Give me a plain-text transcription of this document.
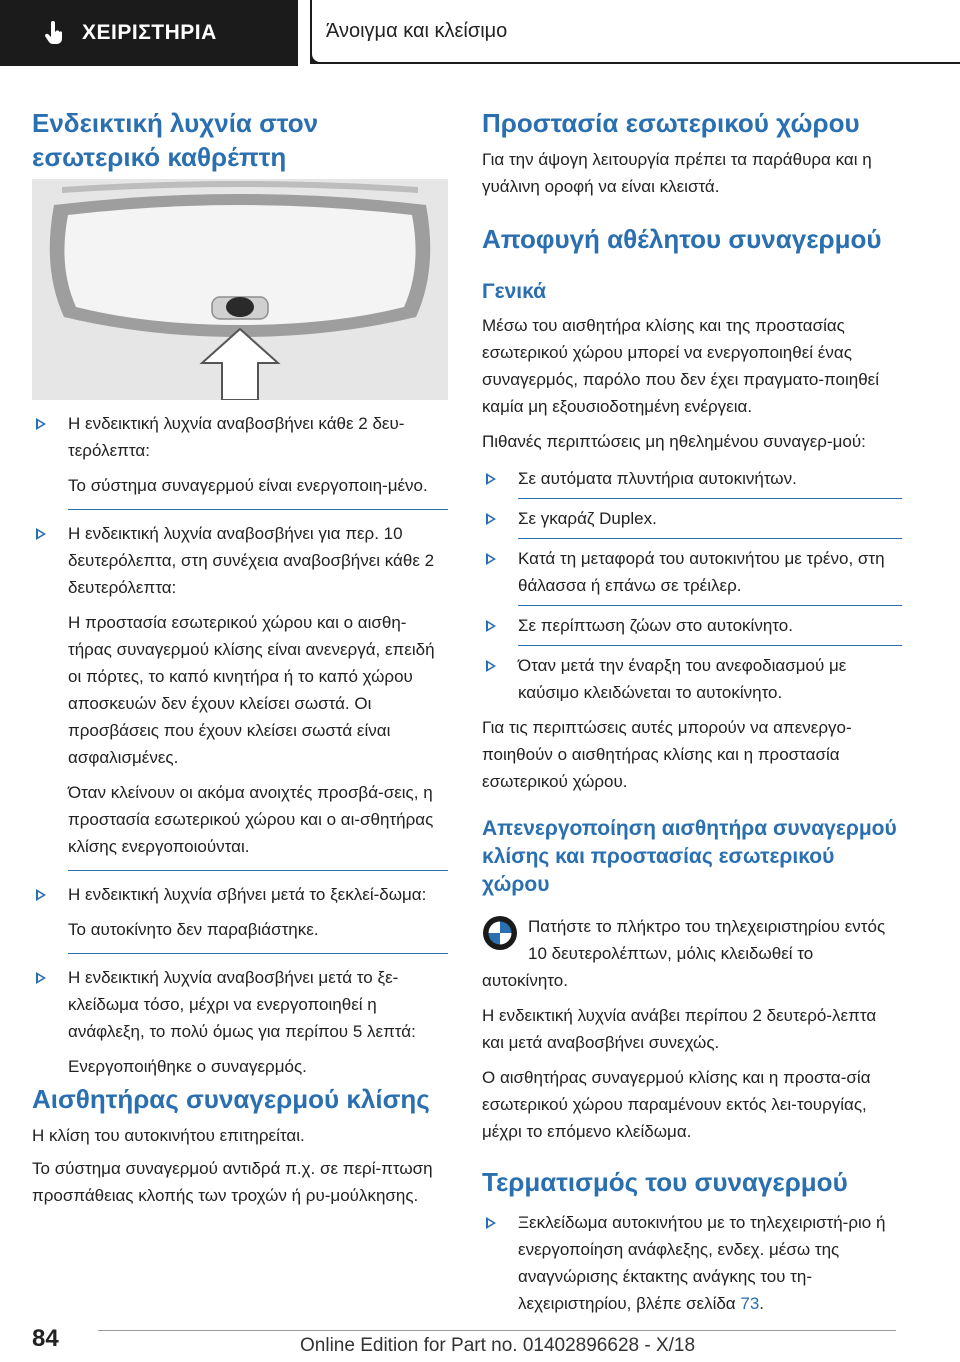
ΧΕΙΡΙΣΤΗΡΙΑ	Άνοιγμα και κλείσιμο
Ενδεικτική λυχνία στον εσωτερικό καθρέπτη

Η ενδεικτική λυχνία αναβοσβήνει κάθε 2 δευ-τερόλεπτα:

Το σύστημα συναγερμού είναι ενεργοποιη-μένο.

Η ενδεικτική λυχνία αναβοσβήνει για περ. 10 δευτερόλεπτα, στη συνέχεια αναβοσβήνει κάθε 2 δευτερόλεπτα:

Η προστασία εσωτερικού χώρου και ο αισθη-τήρας συναγερμού κλίσης είναι ανενεργά, επειδή οι πόρτες, το καπό κινητήρα ή το καπό χώρου αποσκευών δεν έχουν κλείσει σωστά. Οι προσβάσεις που έχουν κλείσει σωστά είναι ασφαλισμένες.

Όταν κλείνουν οι ακόμα ανοιχτές προσβά-σεις, η προστασία εσωτερικού χώρου και ο αι-σθητήρας κλίσης ενεργοποιούνται.

Η ενδεικτική λυχνία σβήνει μετά το ξεκλεί-δωμα:

Το αυτοκίνητο δεν παραβιάστηκε.

Η ενδεικτική λυχνία αναβοσβήνει μετά το ξε-κλείδωμα τόσο, μέχρι να ενεργοποιηθεί η ανάφλεξη, το πολύ όμως για περίπου 5 λεπτά:

Ενεργοποιήθηκε ο συναγερμός.

Αισθητήρας συναγερμού κλίσης

Η κλίση του αυτοκινήτου επιτηρείται.

Το σύστημα συναγερμού αντιδρά π.χ. σε περί-πτωση προσπάθειας κλοπής των τροχών ή ρυ-μούλκησης.

Προστασία εσωτερικού χώρου

Για την άψογη λειτουργία πρέπει τα παράθυρα και η γυάλινη οροφή να είναι κλειστά.

Αποφυγή αθέλητου συναγερμού
Γενικά

Μέσω του αισθητήρα κλίσης και της προστασίας εσωτερικού χώρου μπορεί να ενεργοποιηθεί ένας συναγερμός, παρόλο που δεν έχει πραγματο-ποιηθεί καμία μη εξουσιοδοτημένη ενέργεια.

Πιθανές περιπτώσεις μη ηθελημένου συναγερ-μού:

Σε αυτόματα πλυντήρια αυτοκινήτων.

Σε γκαράζ Duplex.

Κατά τη μεταφορά του αυτοκινήτου με τρένο, στη θάλασσα ή επάνω σε τρέιλερ.

Σε περίπτωση ζώων στο αυτοκίνητο.

Όταν μετά την έναρξη του ανεφοδιασμού με καύσιμο κλειδώνεται το αυτοκίνητο.

Για τις περιπτώσεις αυτές μπορούν να απενεργο-ποιηθούν ο αισθητήρας κλίσης και η προστασία εσωτερικού χώρου.

Απενεργοποίηση αισθητήρα συναγερμού κλίσης και προστασίας εσωτερικού χώρου

Πατήστε το πλήκτρο του τηλεχειριστηρίου εντός 10 δευτερολέπτων, μόλις κλειδωθεί το αυτοκίνητο.

Η ενδεικτική λυχνία ανάβει περίπου 2 δευτερό-λεπτα και μετά αναβοσβήνει συνεχώς.

Ο αισθητήρας συναγερμού κλίσης και η προστα-σία εσωτερικού χώρου παραμένουν εκτός λει-τουργίας, μέχρι το επόμενο κλείδωμα.

Τερματισμός του συναγερμού

Ξεκλείδωμα αυτοκινήτου με το τηλεχειριστή-ριο ή ενεργοποίηση ανάφλεξης, ενδεχ. μέσω της αναγνώρισης έκτακτης ανάγκης του τη-λεχειριστηρίου, βλέπε σελίδα 73.

84	Online Edition for Part no. 01402896628 - X/18
